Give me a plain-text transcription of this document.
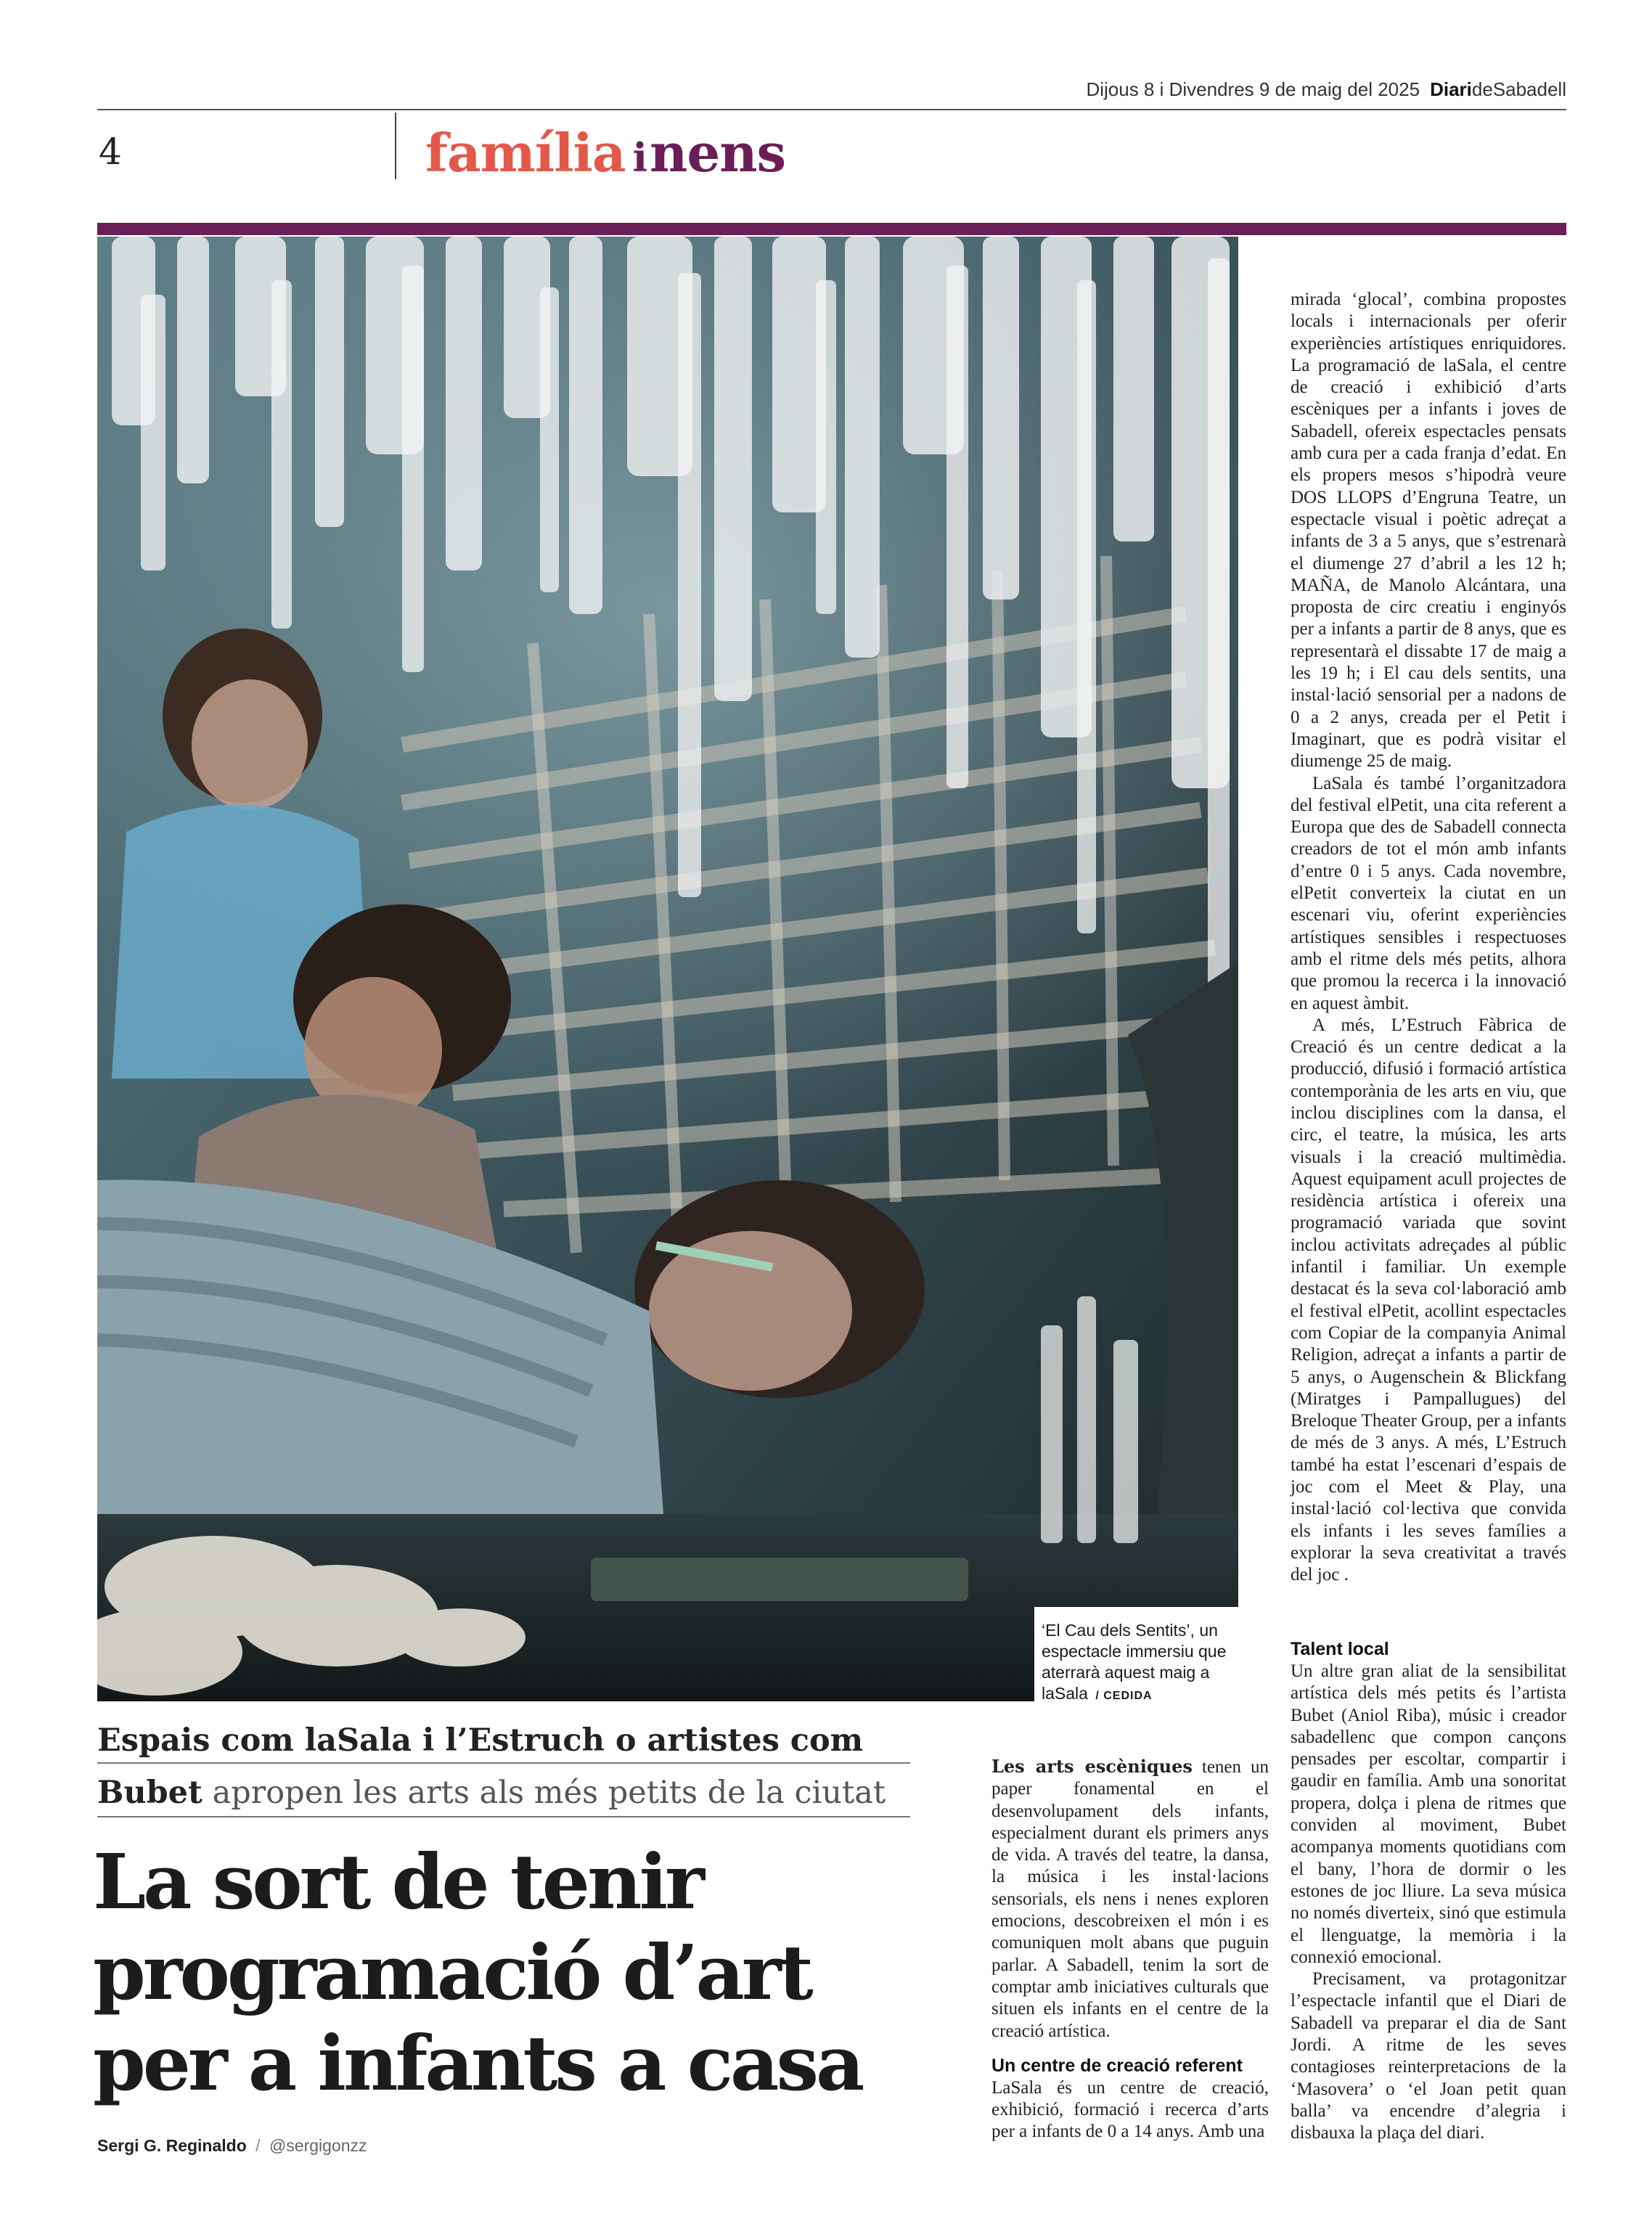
Dijous 8 i Divendres 9 de maig del 2025 DiarideSabadell
4	família inens
‘El Cau dels Sentits’, un espectacle immersiu que aterrarà aquest maig a laSala / CEDIDA

mirada ‘glocal’, combina propostes locals i internacionals per oferir experiències artístiques enriquidores. La programació de laSala, el centre de creació i exhibició d’arts escèniques per a infants i joves de Sabadell, ofereix espectacles pensats amb cura per a cada franja d’edat. En els propers mesos s’hipodrà veure DOS LLOPS d’Engruna Teatre, un espectacle visual i poètic adreçat a infants de 3 a 5 anys, que s’estrenarà el diumenge 27 d’abril a les 12 h; MAÑA, de Manolo Alcántara, una proposta de circ creatiu i enginyós per a infants a partir de 8 anys, que es representarà el dissabte 17 de maig a les 19 h; i El cau dels sentits, una instal·lació sensorial per a nadons de 0 a 2 anys, creada per el Petit i Imaginart, que es podrà visitar el diumenge 25 de maig.

LaSala és també l’organitzadora del festival elPetit, una cita referent a Europa que des de Sabadell connecta creadors de tot el món amb infants d’entre 0 i 5 anys. Cada novembre, elPetit converteix la ciutat en un escenari viu, oferint experiències artístiques sensibles i respectuoses amb el ritme dels més petits, alhora que promou la recerca i la innovació en aquest àmbit.

A més, L’Estruch Fàbrica de Creació és un centre dedicat a la producció, difusió i formació artística contemporània de les arts en viu, que inclou disciplines com la dansa, el circ, el teatre, la música, les arts visuals i la creació multimèdia. Aquest equipament acull projectes de residència artística i ofereix una programació variada que sovint inclou activitats adreçades al públic infantil i familiar. Un exemple destacat és la seva col·laboració amb el festival elPetit, acollint espectacles com Copiar de la companyia Animal Religion, adreçat a infants a partir de 5 anys, o Augenschein & Blickfang (Miratges i Pampallugues) del Breloque Theater Group, per a infants de més de 3 anys. A més, L’Estruch també ha estat l’escenari d’espais de joc com el Meet & Play, una instal·lació col·lectiva que convida els infants i les seves famílies a explorar la seva creativitat a través del joc .

Espais com laSala i l’Estruch o artistes com
Bubet apropen les arts als més petits de la ciutat
La sort de tenir
programació d’art
per a infants a casa
Sergi G. Reginaldo / @sergigonzz

Les arts escèniques tenen un paper fonamental en el desenvolupament dels infants, especialment durant els primers anys de vida. A través del teatre, la dansa, la música i les instal·lacions sensorials, els nens i nenes exploren emocions, descobreixen el món i es comuniquen molt abans que puguin parlar. A Sabadell, tenim la sort de comptar amb iniciatives culturals que situen els infants en el centre de la creació artística.

Un centre de creació referent

LaSala és un centre de creació, exhibició, formació i recerca d’arts per a infants de 0 a 14 anys. Amb una

Talent local

Un altre gran aliat de la sensibilitat artística dels més petits és l’artista Bubet (Aniol Riba), músic i creador sabadellenc que compon cançons pensades per escoltar, compartir i gaudir en família. Amb una sonoritat propera, dolça i plena de ritmes que conviden al moviment, Bubet acompanya moments quotidians com el bany, l’hora de dormir o les estones de joc lliure. La seva música no només diverteix, sinó que estimula el llenguatge, la memòria i la connexió emocional.

Precisament, va protagonitzar l’espectacle infantil que el Diari de Sabadell va preparar el dia de Sant Jordi. A ritme de les seves contagioses reinterpretacions de la ‘Masovera’ o ‘el Joan petit quan balla’ va encendre d’alegria i disbauxa la plaça del diari.
